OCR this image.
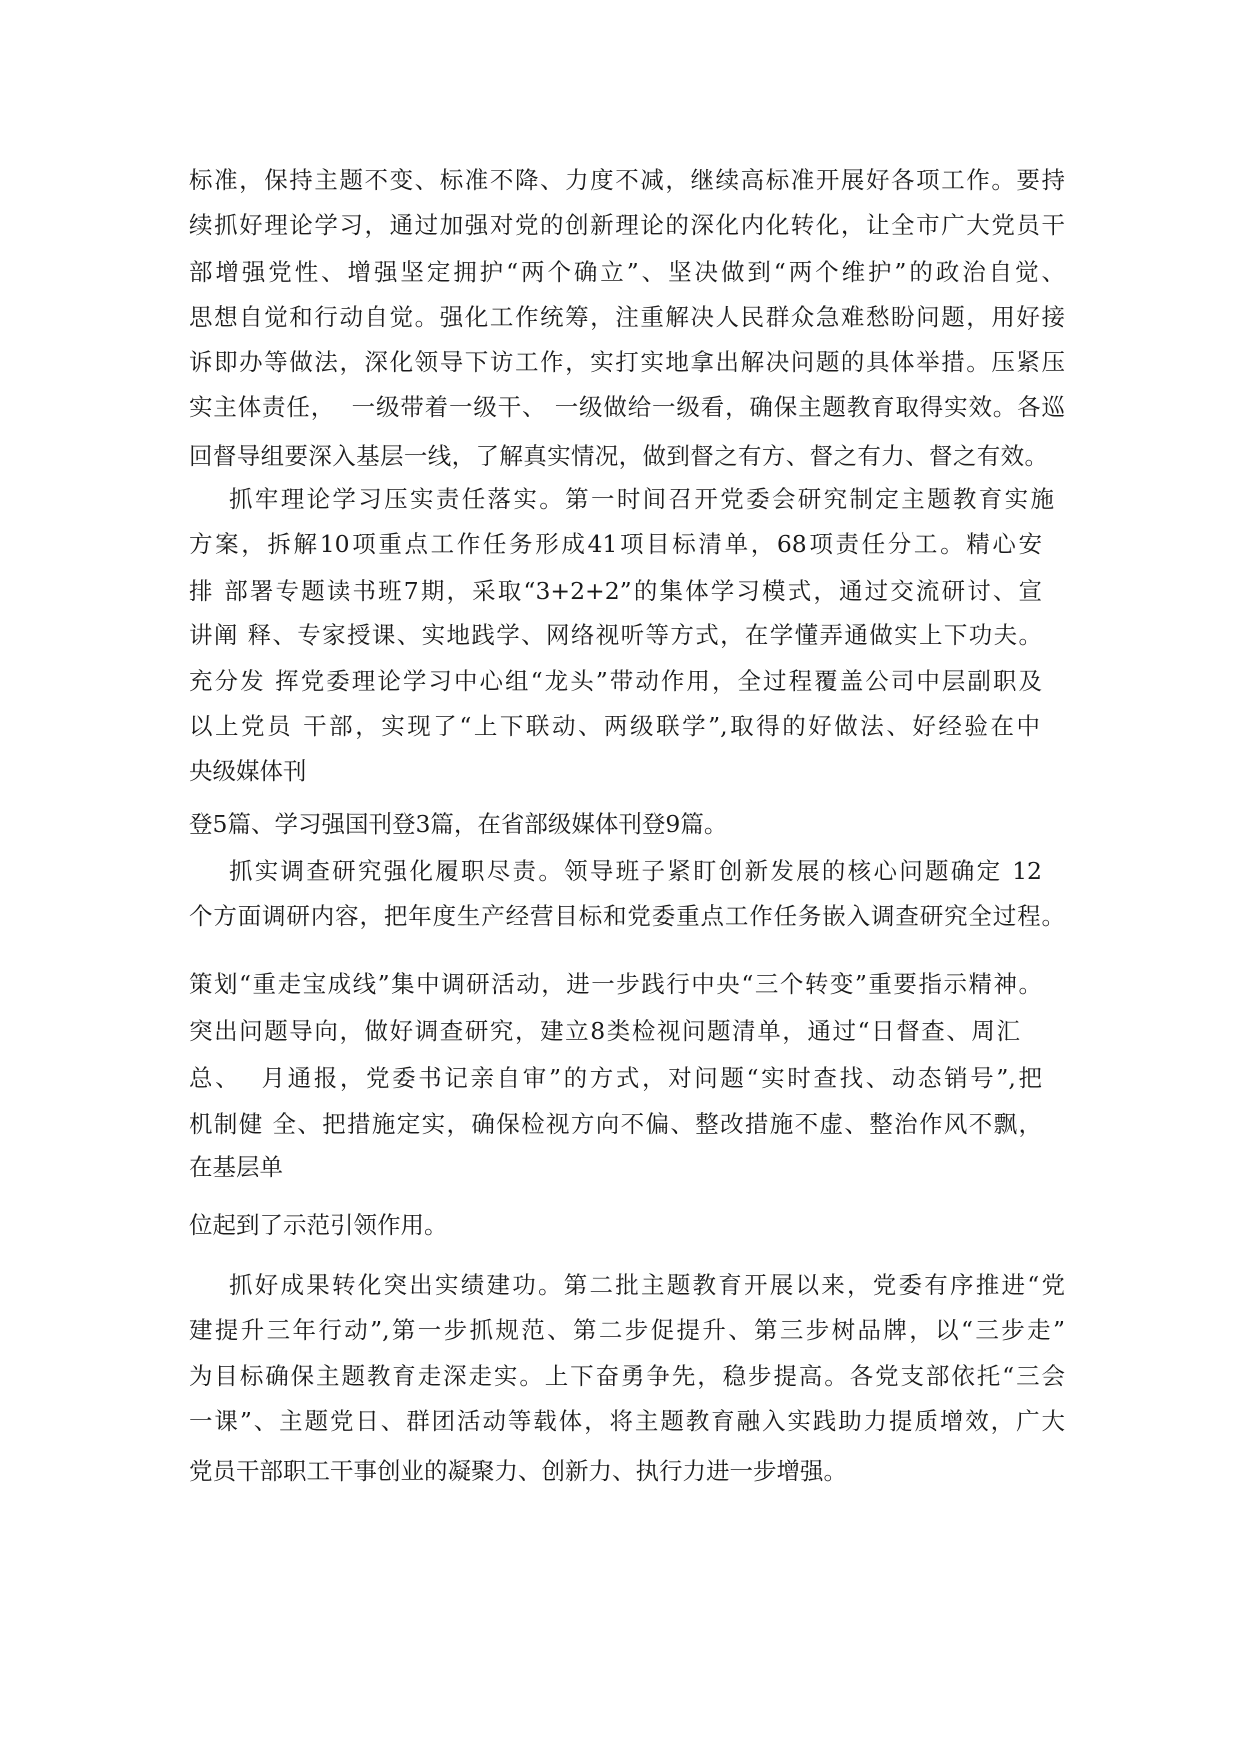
标准，保持主题不变、标准不降、力度不减，继续高标准开展好各项工作。要持
续抓好理论学习，通过加强对党的创新理论的深化内化转化，让全市广大党员干
部增强党性、增强坚定拥护“两个确立”、坚决做到“两个维护”的政治自觉、
思想自觉和行动自觉。强化工作统筹，注重解决人民群众急难愁盼问题，用好接
诉即办等做法，深化领导下访工作，实打实地拿出解决问题的具体举措。压紧压
实主体责任，  一级带着一级干、 一级做给一级看，确保主题教育取得实效。各巡
回督导组要深入基层一线，了解真实情况，做到督之有方、督之有力、督之有效。
抓牢理论学习压实责任落实。第一时间召开党委会研究制定主题教育实施
方案，拆解10项重点工作任务形成41项目标清单，68项责任分工。精心安
排 部署专题读书班7期，采取“3+2+2”的集体学习模式，通过交流研讨、宣
讲阐 释、专家授课、实地践学、网络视听等方式，在学懂弄通做实上下功夫。
充分发 挥党委理论学习中心组“龙头”带动作用，全过程覆盖公司中层副职及
以上党员 干部，实现了“上下联动、两级联学”,取得的好做法、好经验在中
央级媒体刊
登5篇、学习强国刊登3篇，在省部级媒体刊登9篇。
抓实调查研究强化履职尽责。领导班子紧盯创新发展的核心问题确定 12
个方面调研内容，把年度生产经营目标和党委重点工作任务嵌入调查研究全过程。
策划“重走宝成线”集中调研活动，进一步践行中央“三个转变”重要指示精神。
突出问题导向，做好调查研究，建立8类检视问题清单，通过“日督查、周汇
总、  月通报，党委书记亲自审”的方式，对问题“实时查找、动态销号”,把
机制健 全、把措施定实，确保检视方向不偏、整改措施不虚、整治作风不飘，
在基层单
位起到了示范引领作用。
抓好成果转化突出实绩建功。第二批主题教育开展以来，党委有序推进“党
建提升三年行动”,第一步抓规范、第二步促提升、第三步树品牌，以“三步走”
为目标确保主题教育走深走实。上下奋勇争先，稳步提高。各党支部依托“三会
一课”、主题党日、群团活动等载体，将主题教育融入实践助力提质增效，广大
党员干部职工干事创业的凝聚力、创新力、执行力进一步增强。
